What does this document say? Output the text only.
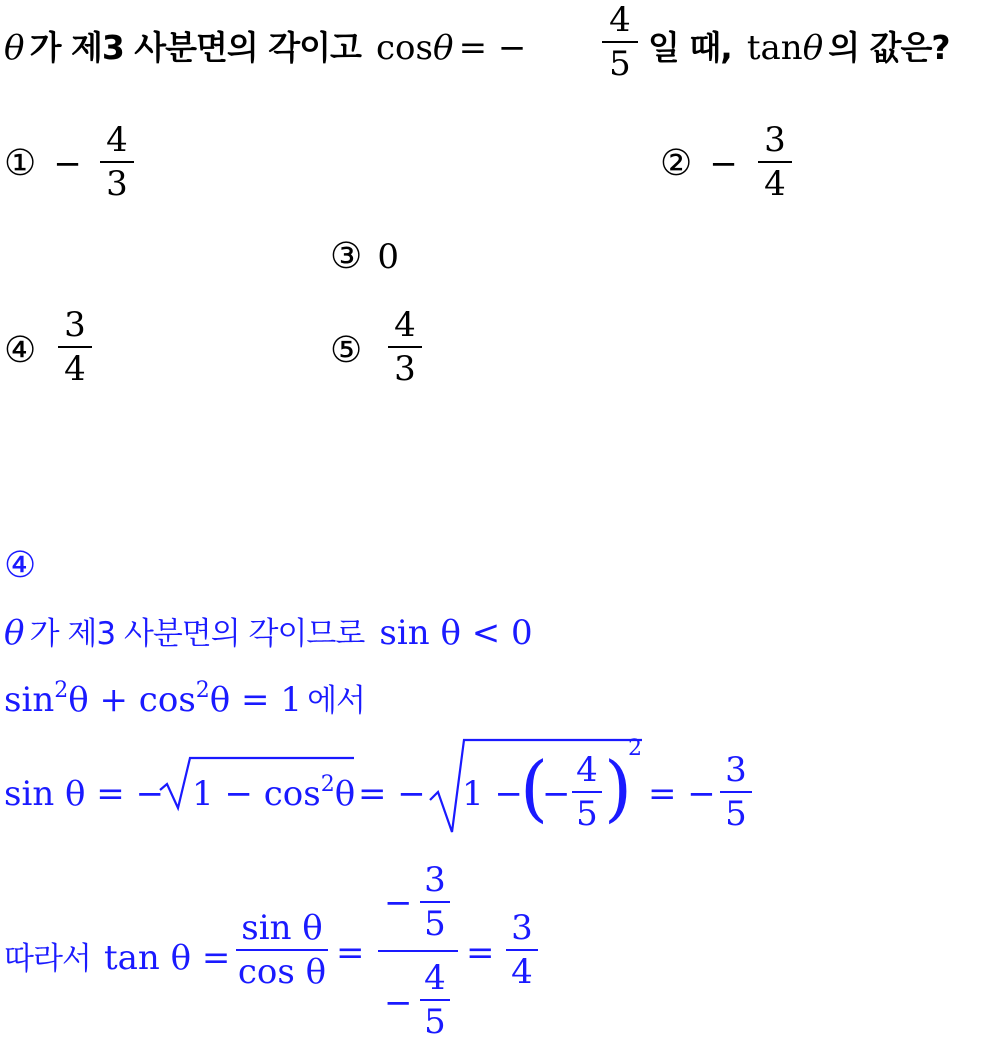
θ 가 제3 사분면의 각이고 cosθ = −
4
5 일 때, tanθ 의 값은?
① −
4
3	② −
3
4
③ 0
④
3
4	⑤
4
3
④
θ 가 제3 사분면의 각이므로 sin θ < 0
sin2θ + cos2θ = 1 에서
sin θ = − 1 − cos2θ = − 1 −
(
−
4
5 )
2
= −
3
5
따라서 tan θ =
sin θ
cos θ =
−
3
5
−
4
5
=
3
4
